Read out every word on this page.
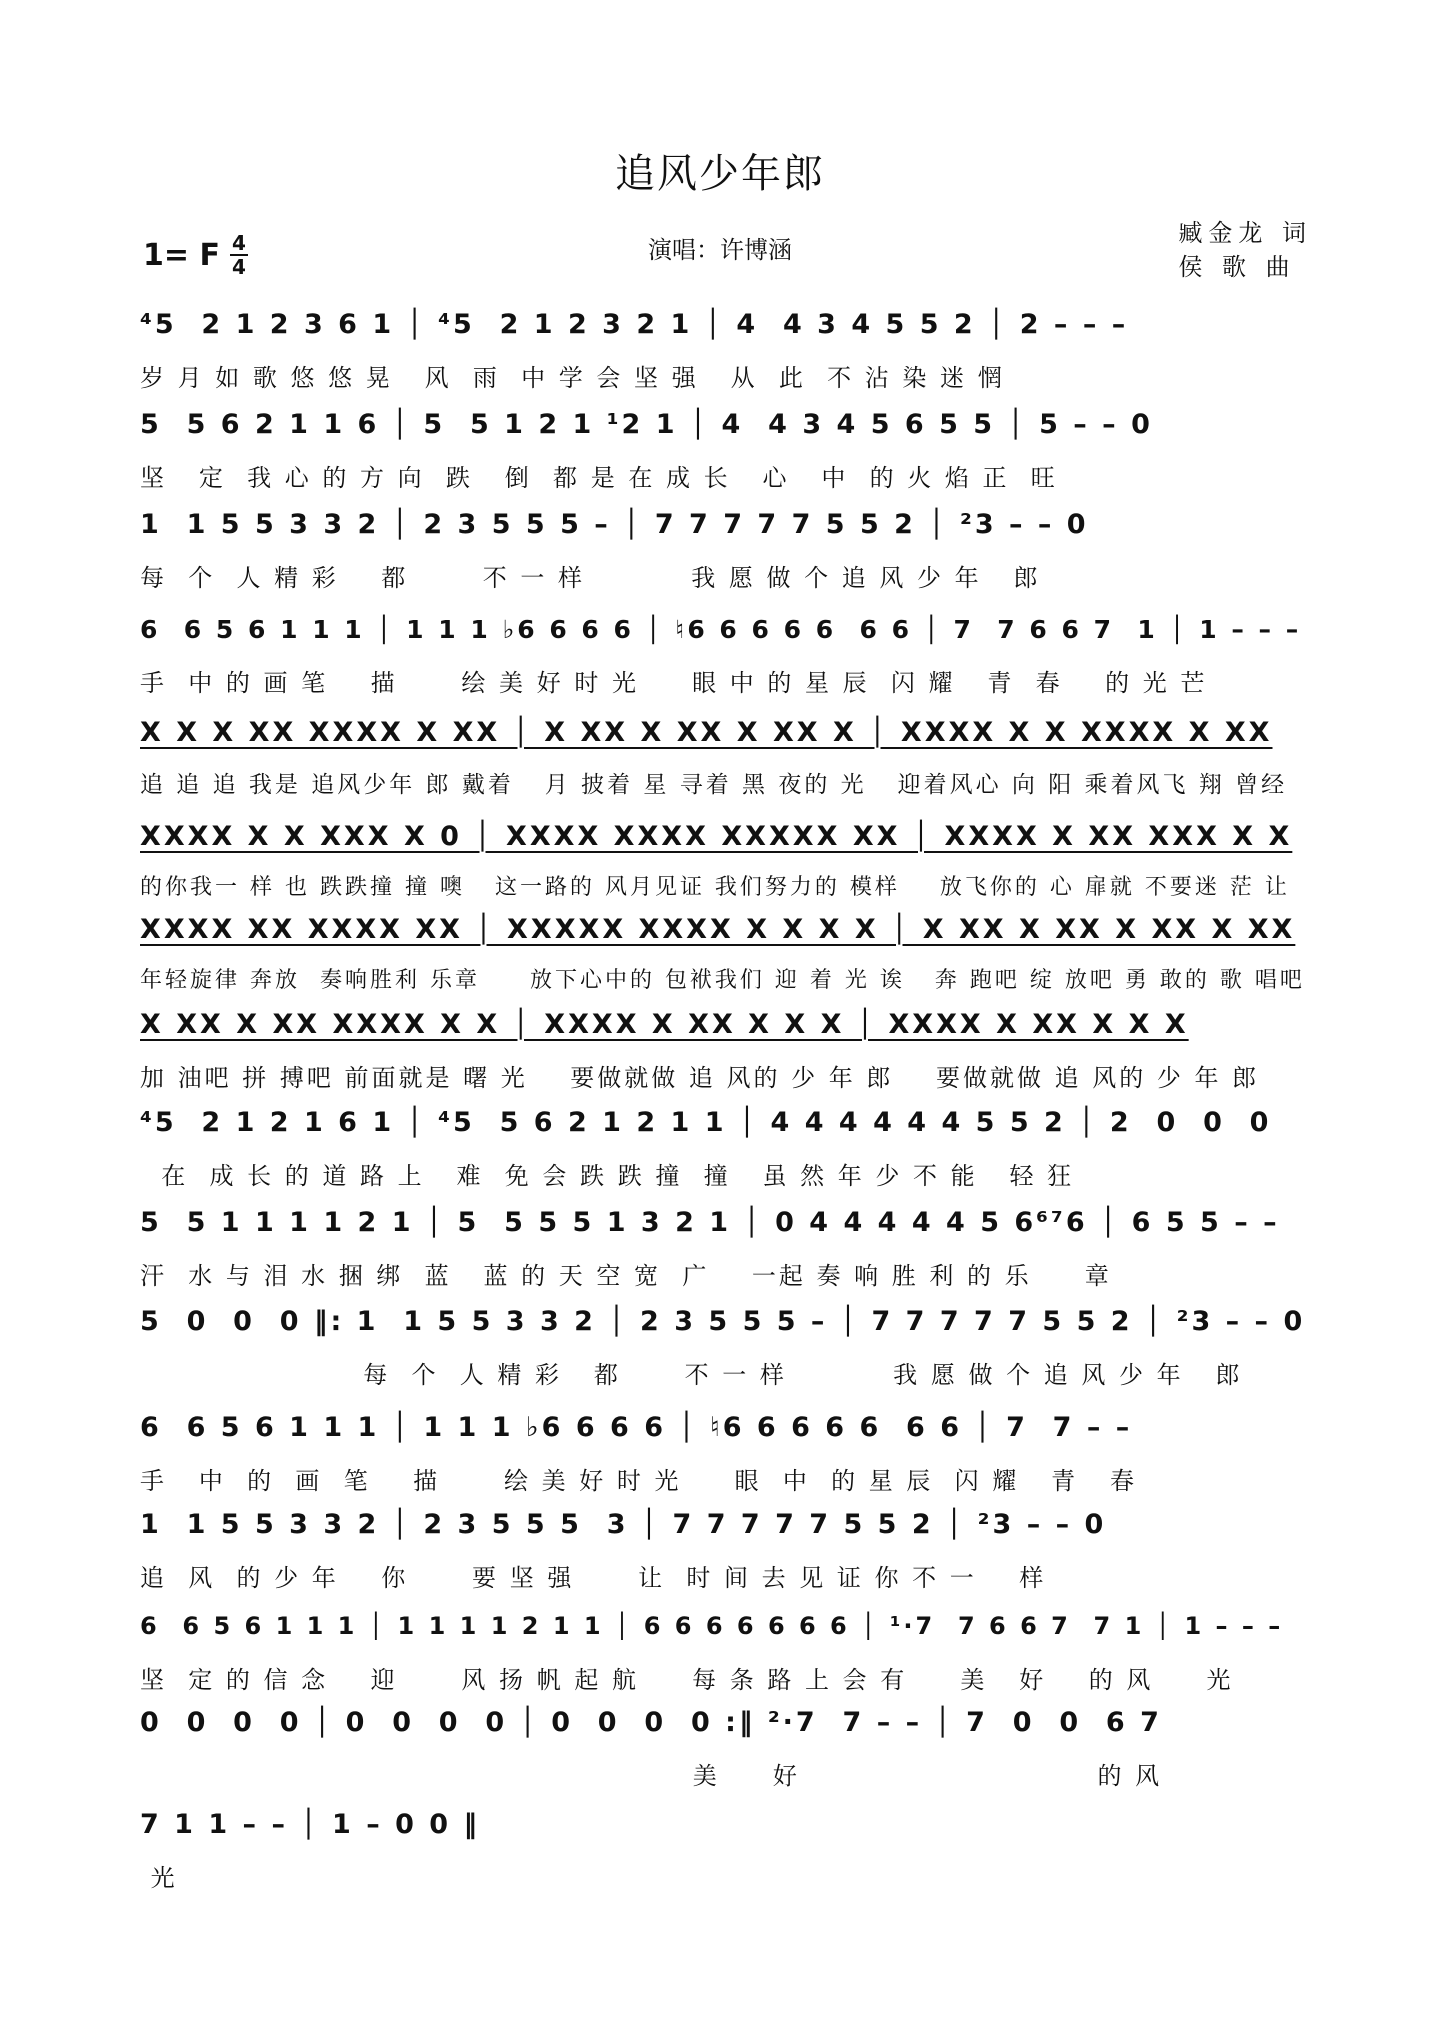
追风少年郎
1= F $\frac{4}{4}$	演唱：许博涵
臧金龙 词
侯 歌 曲
⁴5  2 1 2 3 6 1 │ ⁴5  2 1 2 3 2 1 │ 4  4 3 4 5 5 2 │ 2 – – –
岁 月 如 歌 悠 悠 晃   风  雨  中 学 会 坚 强   从  此  不 沾 染 迷 惘
5  5 6 2 1 1 6 │ 5  5 1 2 1 ¹2 1 │ 4  4 3 4 5 6 5 5 │ 5 – – 0
坚   定  我 心 的 方 向  跌   倒  都 是 在 成 长   心   中  的 火 焰 正  旺
1  1 5 5 3 3 2 │ 2 3 5 5 5 – │ 7 7 7 7 7 5 5 2 │ ²3 – – 0
每  个  人 精 彩    都       不 一 样          我 愿 做 个 追 风 少 年   郎
6  6 5 6 1 1 1 │ 1 1 1 ♭6 6 6 6 │ ♮6 6 6 6 6  6 6 │ 7  7 6 6 7  1 │ 1 – – –
手  中 的 画 笔    描      绘 美 好 时 光     眼 中 的 星 辰  闪 耀   青  春    的 光 芒
X X X XX XXXX X XX │ X XX X XX X XX X │ XXXX X X XXXX X XX
追 追 追 我是 追风少年 郎 戴着   月 披着 星 寻着 黑 夜的 光   迎着风心 向 阳 乘着风飞 翔 曾经
XXXX X X XXX X 0 │ XXXX XXXX XXXXX XX │ XXXX X XX XXX X X
的你我一 样 也 跌跌撞 撞 噢   这一路的 风月见证 我们努力的 模样    放飞你的 心 扉就 不要迷 茫 让
XXXX XX XXXX XX │ XXXXX XXXX X X X X │ X XX X XX X XX X XX
年轻旋律 奔放  奏响胜利 乐章     放下心中的 包袱我们 迎 着 光 诶   奔 跑吧 绽 放吧 勇 敢的 歌 唱吧
X XX X XX XXXX X X │ XXXX X XX X X X │ XXXX X XX X X X
加 油吧 拼 搏吧 前面就是 曙 光    要做就做 追 风的 少 年 郎    要做就做 追 风的 少 年 郎
⁴5  2 1 2 1 6 1 │ ⁴5  5 6 2 1 2 1 1 │ 4 4 4 4 4 4 5 5 2 │ 2  0  0  0
在  成 长 的 道 路 上   难  免 会 跌 跌 撞  撞   虽 然 年 少 不 能   轻 狂
5  5 1 1 1 1 2 1 │ 5  5 5 5 1 3 2 1 │ 0 4 4 4 4 4 5 6⁶⁷6 │ 6 5 5 – –
汗  水 与 泪 水 捆 绑  蓝   蓝 的 天 空 宽  广    一起 奏 响 胜 利 的 乐     章
5  0  0  0 ‖: 1  1 5 5 3 3 2 │ 2 3 5 5 5 – │ 7 7 7 7 7 5 5 2 │ ²3 – – 0
每  个  人 精 彩   都      不 一 样          我 愿 做 个 追 风 少 年   郎
6  6 5 6 1 1 1 │ 1 1 1 ♭6 6 6 6 │ ♮6 6 6 6 6  6 6 │ 7  7 – –
手   中  的  画  笔    描      绘 美 好 时 光     眼  中  的 星 辰  闪 耀   青   春
1  1 5 5 3 3 2 │ 2 3 5 5 5  3 │ 7 7 7 7 7 5 5 2 │ ²3 – – 0
追  风  的 少 年    你      要 坚 强      让  时 间 去 见 证 你 不 一    样
6  6 5 6 1 1 1 │ 1 1 1 1 2 1 1 │ 6 6 6 6 6 6 6 │ ¹·7  7 6 6 7  7 1 │ 1 – – –
坚  定 的 信 念    迎      风 扬 帆 起 航     每 条 路 上 会 有     美   好    的 风     光
0  0  0  0 │ 0  0  0  0 │ 0  0  0  0 :‖ ²·7  7 – – │ 7  0  0  6 7
美     好                            的 风
7 1 1 – – │ 1 – 0 0 ‖
光
